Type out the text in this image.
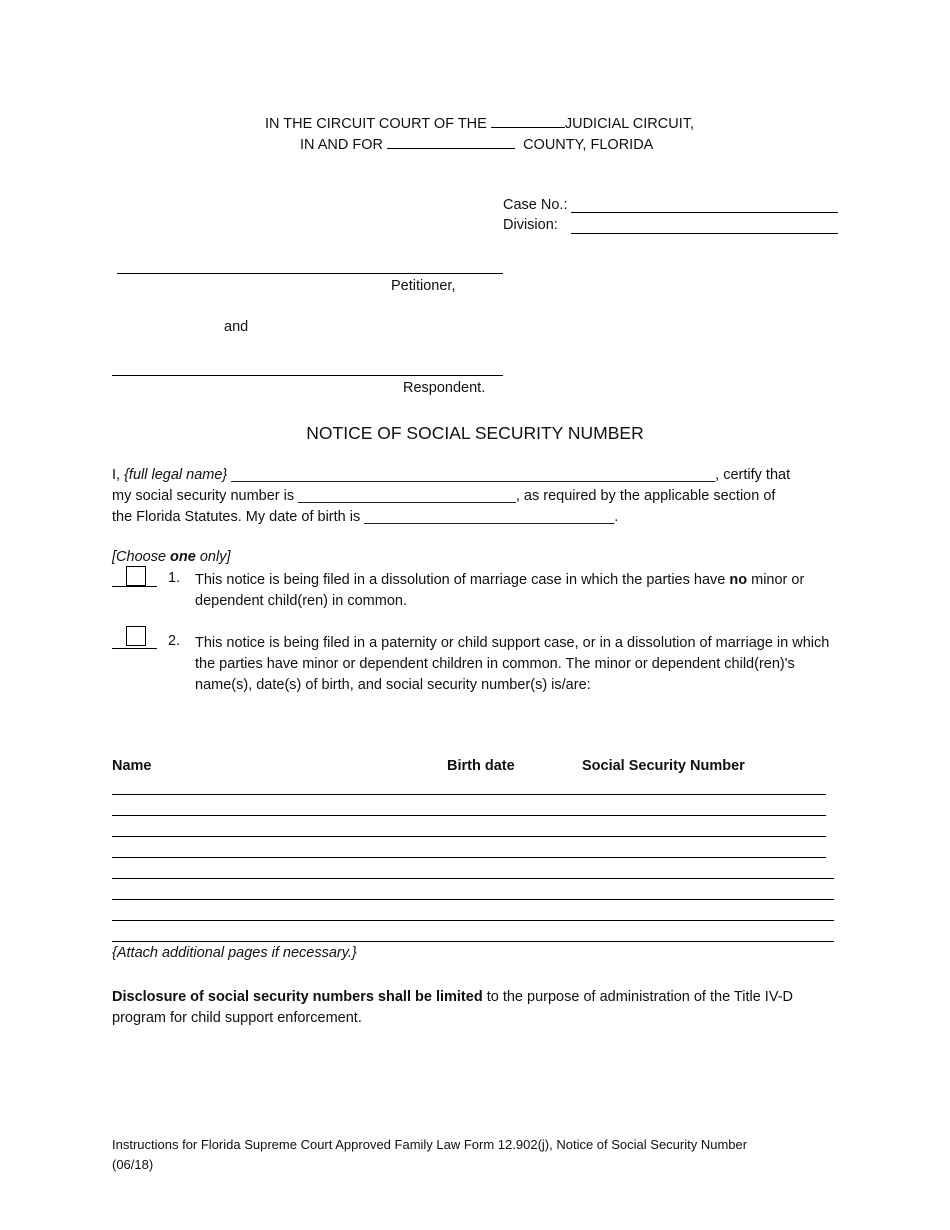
IN THE CIRCUIT COURT OF THE	JUDICIAL CIRCUIT,
IN AND FOR	COUNTY, FLORIDA
Case No.:
Division:
Petitioner,
and
Respondent.
NOTICE OF SOCIAL SECURITY NUMBER
I, {full legal name} ____________________________________________________________, certify that
my social security number is ___________________________, as required by the applicable section of
the Florida Statutes. My date of birth is _______________________________.
[Choose one only]
1. This notice is being filed in a dissolution of marriage case in which the parties have no minor or dependent child(ren) in common.
2. This notice is being filed in a paternity or child support case, or in a dissolution of marriage in which the parties have minor or dependent children in common. The minor or dependent child(ren)'s name(s), date(s) of birth, and social security number(s) is/are:
Name	Birth date	Social Security Number
{Attach additional pages if necessary.}
Disclosure of social security numbers shall be limited to the purpose of administration of the Title IV-D program for child support enforcement.
Instructions for Florida Supreme Court Approved Family Law Form 12.902(j), Notice of Social Security Number
(06/18)
